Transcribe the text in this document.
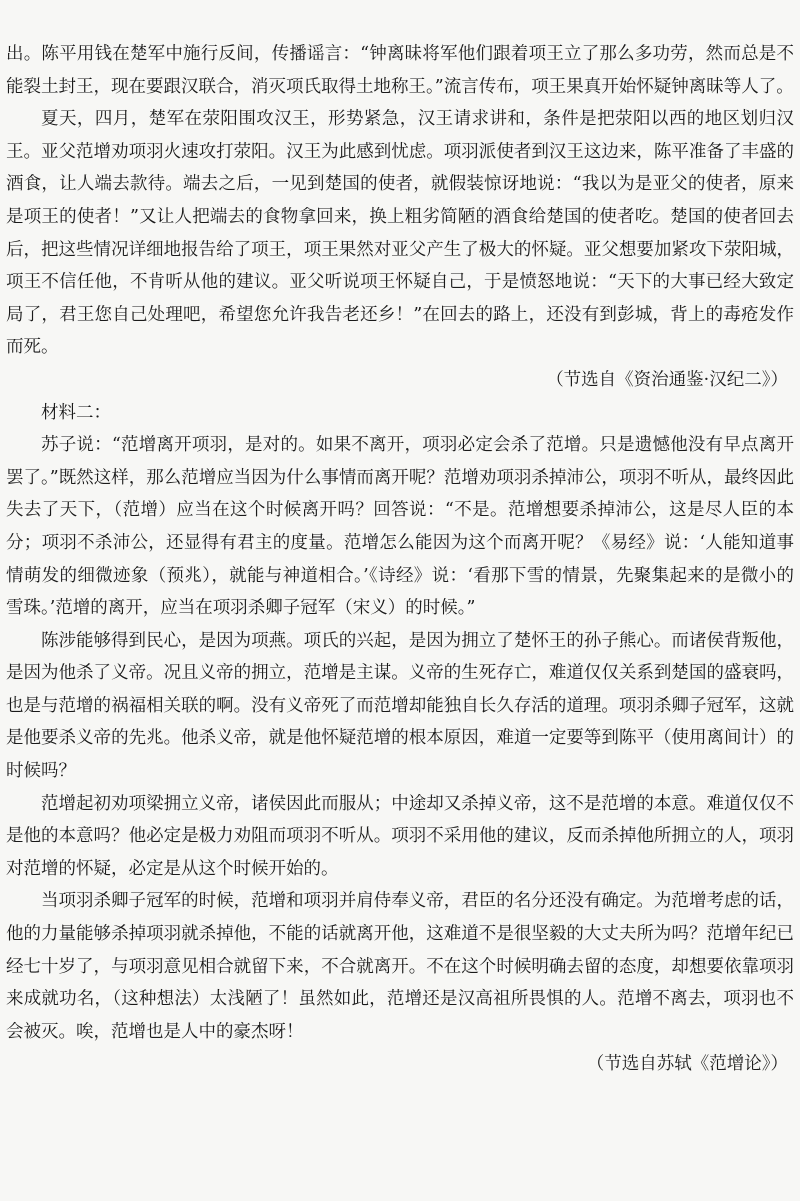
出。陈平用钱在楚军中施行反间，传播谣言：“钟离昧将军他们跟着项王立了那么多功劳，然而总是不能裂土封王，现在要跟汉联合，消灭项氏取得土地称王。”流言传布，项王果真开始怀疑钟离昧等人了。

夏天，四月，楚军在荥阳围攻汉王，形势紧急，汉王请求讲和，条件是把荥阳以西的地区划归汉王。亚父范增劝项羽火速攻打荥阳。汉王为此感到忧虑。项羽派使者到汉王这边来，陈平准备了丰盛的酒食，让人端去款待。端去之后，一见到楚国的使者，就假装惊讶地说：“我以为是亚父的使者，原来是项王的使者！”又让人把端去的食物拿回来，换上粗劣简陋的酒食给楚国的使者吃。楚国的使者回去后，把这些情况详细地报告给了项王，项王果然对亚父产生了极大的怀疑。亚父想要加紧攻下荥阳城，项王不信任他，不肯听从他的建议。亚父听说项王怀疑自己，于是愤怒地说：“天下的大事已经大致定局了，君王您自己处理吧，希望您允许我告老还乡！”在回去的路上，还没有到彭城，背上的毒疮发作而死。

（节选自《资治通鉴·汉纪二》）

材料二：

苏子说：“范增离开项羽，是对的。如果不离开，项羽必定会杀了范增。只是遗憾他没有早点离开罢了。”既然这样，那么范增应当因为什么事情而离开呢？范增劝项羽杀掉沛公，项羽不听从，最终因此失去了天下，（范增）应当在这个时候离开吗？回答说：“不是。范增想要杀掉沛公，这是尽人臣的本分；项羽不杀沛公，还显得有君主的度量。范增怎么能因为这个而离开呢？《易经》说：‘人能知道事情萌发的细微迹象（预兆），就能与神道相合。’《诗经》说：‘看那下雪的情景，先聚集起来的是微小的雪珠。’范增的离开，应当在项羽杀卿子冠军（宋义）的时候。”

陈涉能够得到民心，是因为项燕。项氏的兴起，是因为拥立了楚怀王的孙子熊心。而诸侯背叛他，是因为他杀了义帝。况且义帝的拥立，范增是主谋。义帝的生死存亡，难道仅仅关系到楚国的盛衰吗，也是与范增的祸福相关联的啊。没有义帝死了而范增却能独自长久存活的道理。项羽杀卿子冠军，这就是他要杀义帝的先兆。他杀义帝，就是他怀疑范增的根本原因，难道一定要等到陈平（使用离间计）的时候吗？

范增起初劝项梁拥立义帝，诸侯因此而服从；中途却又杀掉义帝，这不是范增的本意。难道仅仅不是他的本意吗？他必定是极力劝阻而项羽不听从。项羽不采用他的建议，反而杀掉他所拥立的人，项羽对范增的怀疑，必定是从这个时候开始的。

当项羽杀卿子冠军的时候，范增和项羽并肩侍奉义帝，君臣的名分还没有确定。为范增考虑的话，他的力量能够杀掉项羽就杀掉他，不能的话就离开他，这难道不是很坚毅的大丈夫所为吗？范增年纪已经七十岁了，与项羽意见相合就留下来，不合就离开。不在这个时候明确去留的态度，却想要依靠项羽来成就功名，（这种想法）太浅陋了！虽然如此，范增还是汉高祖所畏惧的人。范增不离去，项羽也不会被灭。唉，范增也是人中的豪杰呀！

（节选自苏轼《范增论》）
